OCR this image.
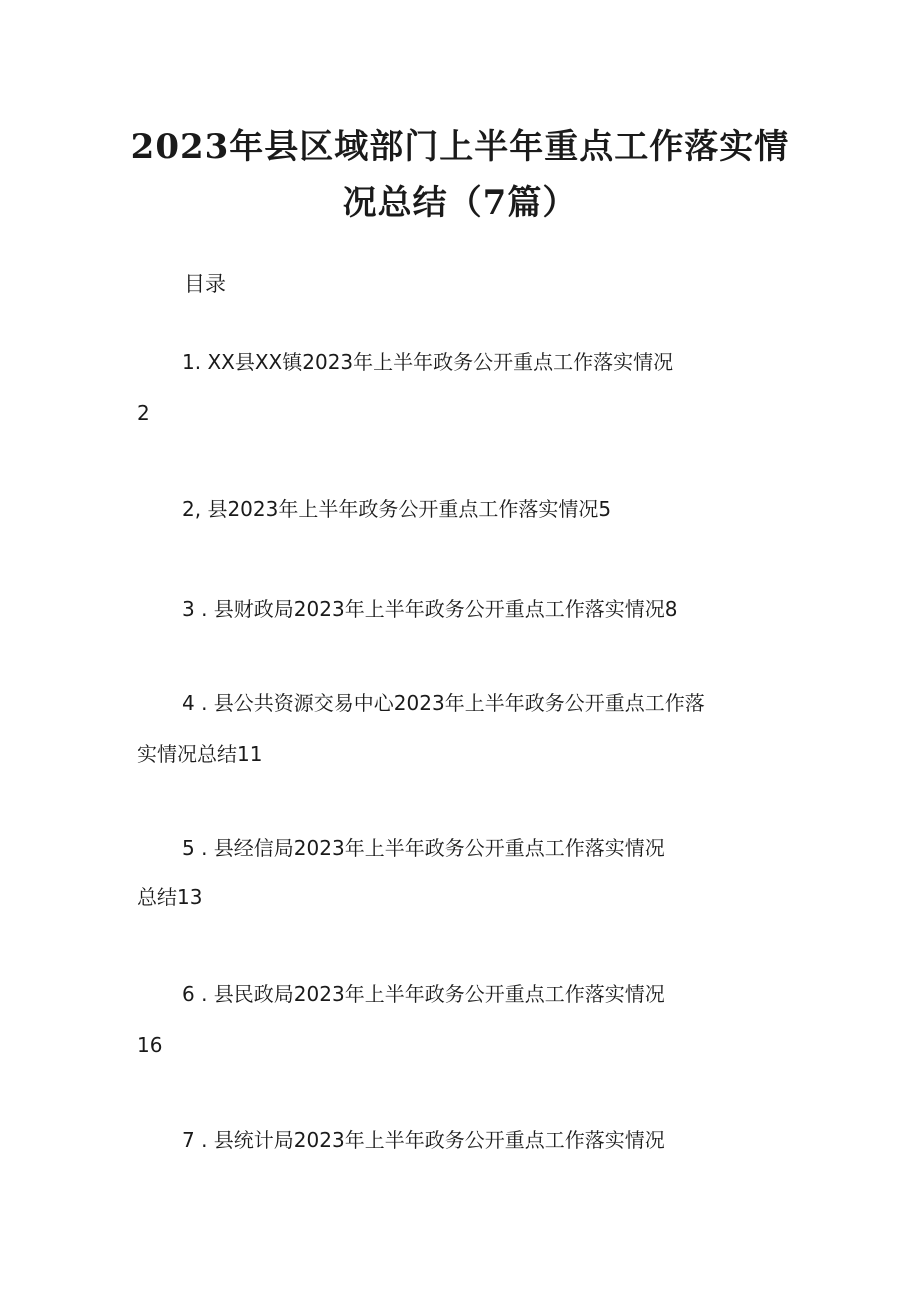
2023年县区域部门上半年重点工作落实情
况总结（7篇）
目录
1. XX县XX镇2023年上半年政务公开重点工作落实情况
2
2, 县2023年上半年政务公开重点工作落实情况5
3 . 县财政局2023年上半年政务公开重点工作落实情况8
4 . 县公共资源交易中心2023年上半年政务公开重点工作落
实情况总结11
5 . 县经信局2023年上半年政务公开重点工作落实情况
总结13
6 . 县民政局2023年上半年政务公开重点工作落实情况
16
7 . 县统计局2023年上半年政务公开重点工作落实情况
